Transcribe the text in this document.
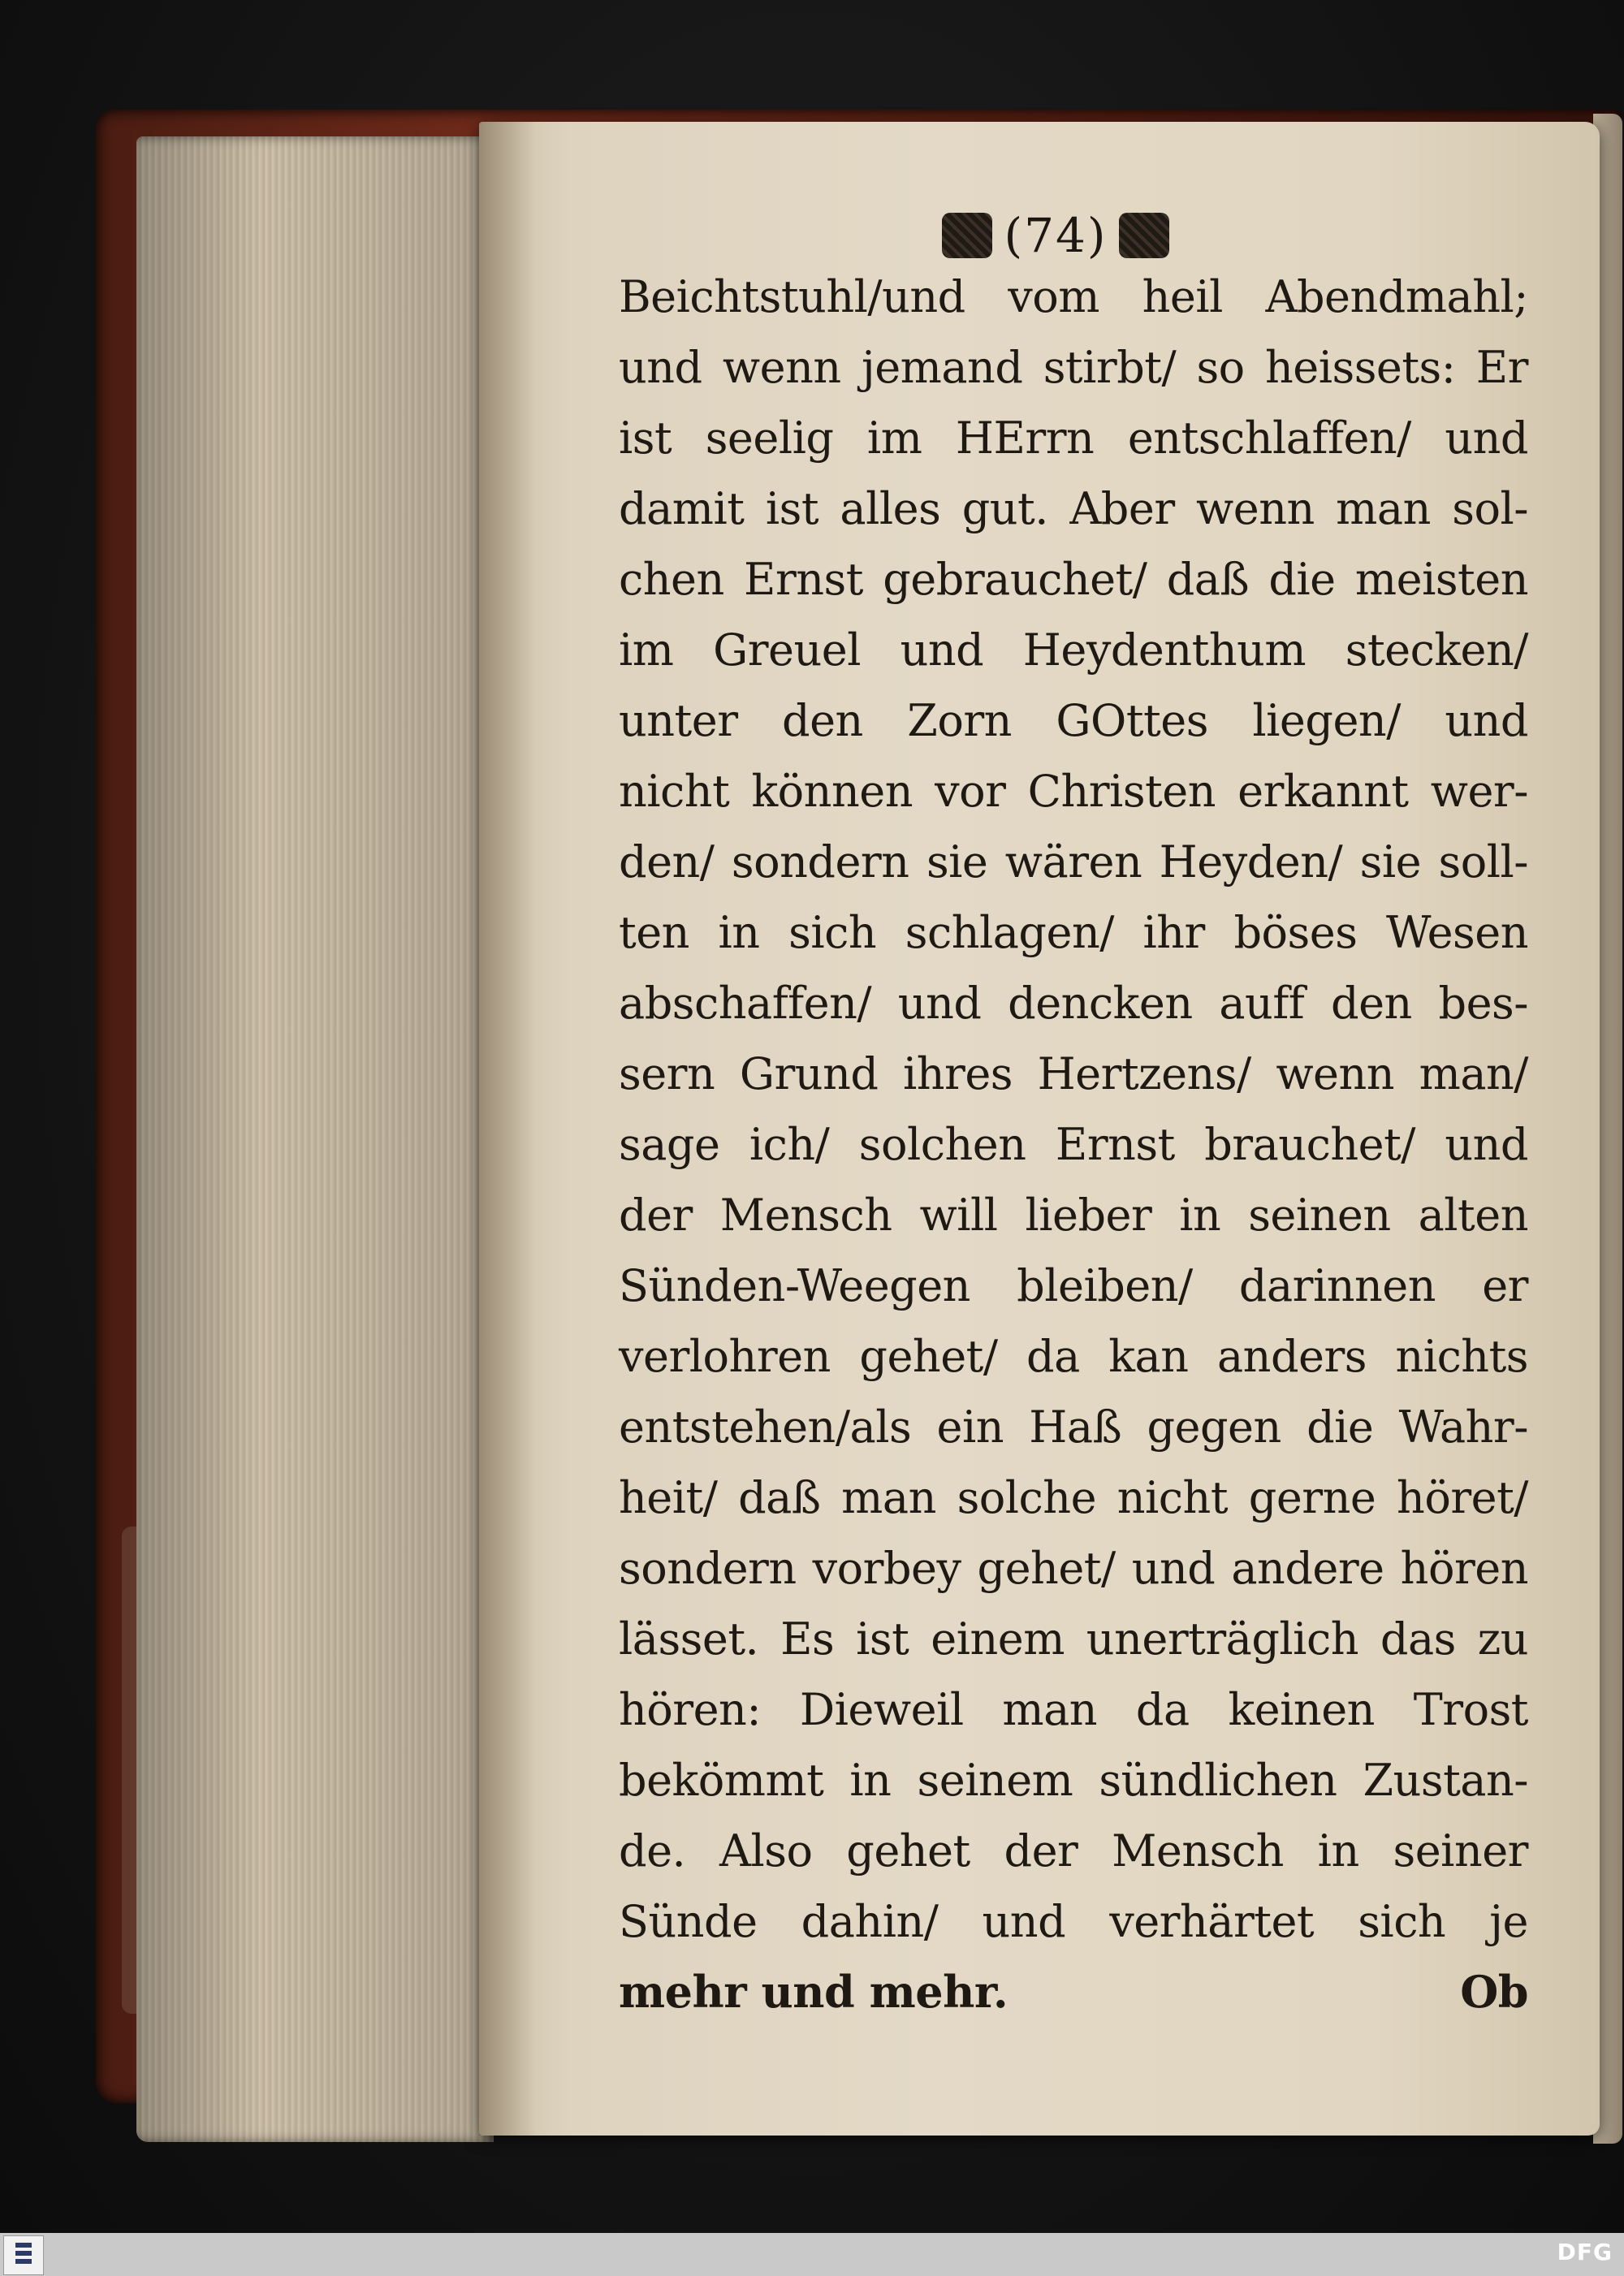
(74)
Beichtstuhl/und vom heil Abendmahl;
und wenn jemand stirbt/ so heissets: Er
ist seelig im HErrn entschlaffen/ und
damit ist alles gut. Aber wenn man sol-
chen Ernst gebrauchet/ daß die meisten
im Greuel und Heydenthum stecken/
unter den Zorn GOttes liegen/ und
nicht können vor Christen erkannt wer-
den/ sondern sie wären Heyden/ sie soll-
ten in sich schlagen/ ihr böses Wesen
abschaffen/ und dencken auff den bes-
sern Grund ihres Hertzens/ wenn man/
sage ich/ solchen Ernst brauchet/ und
der Mensch will lieber in seinen alten
Sünden-Weegen bleiben/ darinnen er
verlohren gehet/ da kan anders nichts
entstehen/als ein Haß gegen die Wahr-
heit/ daß man solche nicht gerne höret/
sondern vorbey gehet/ und andere hören
lässet. Es ist einem unerträglich das zu
hören: Dieweil man da keinen Trost
bekömmt in seinem sündlichen Zustan-
de. Also gehet der Mensch in seiner
Sünde dahin/ und verhärtet sich je
mehr und mehr.	Ob
DFG
